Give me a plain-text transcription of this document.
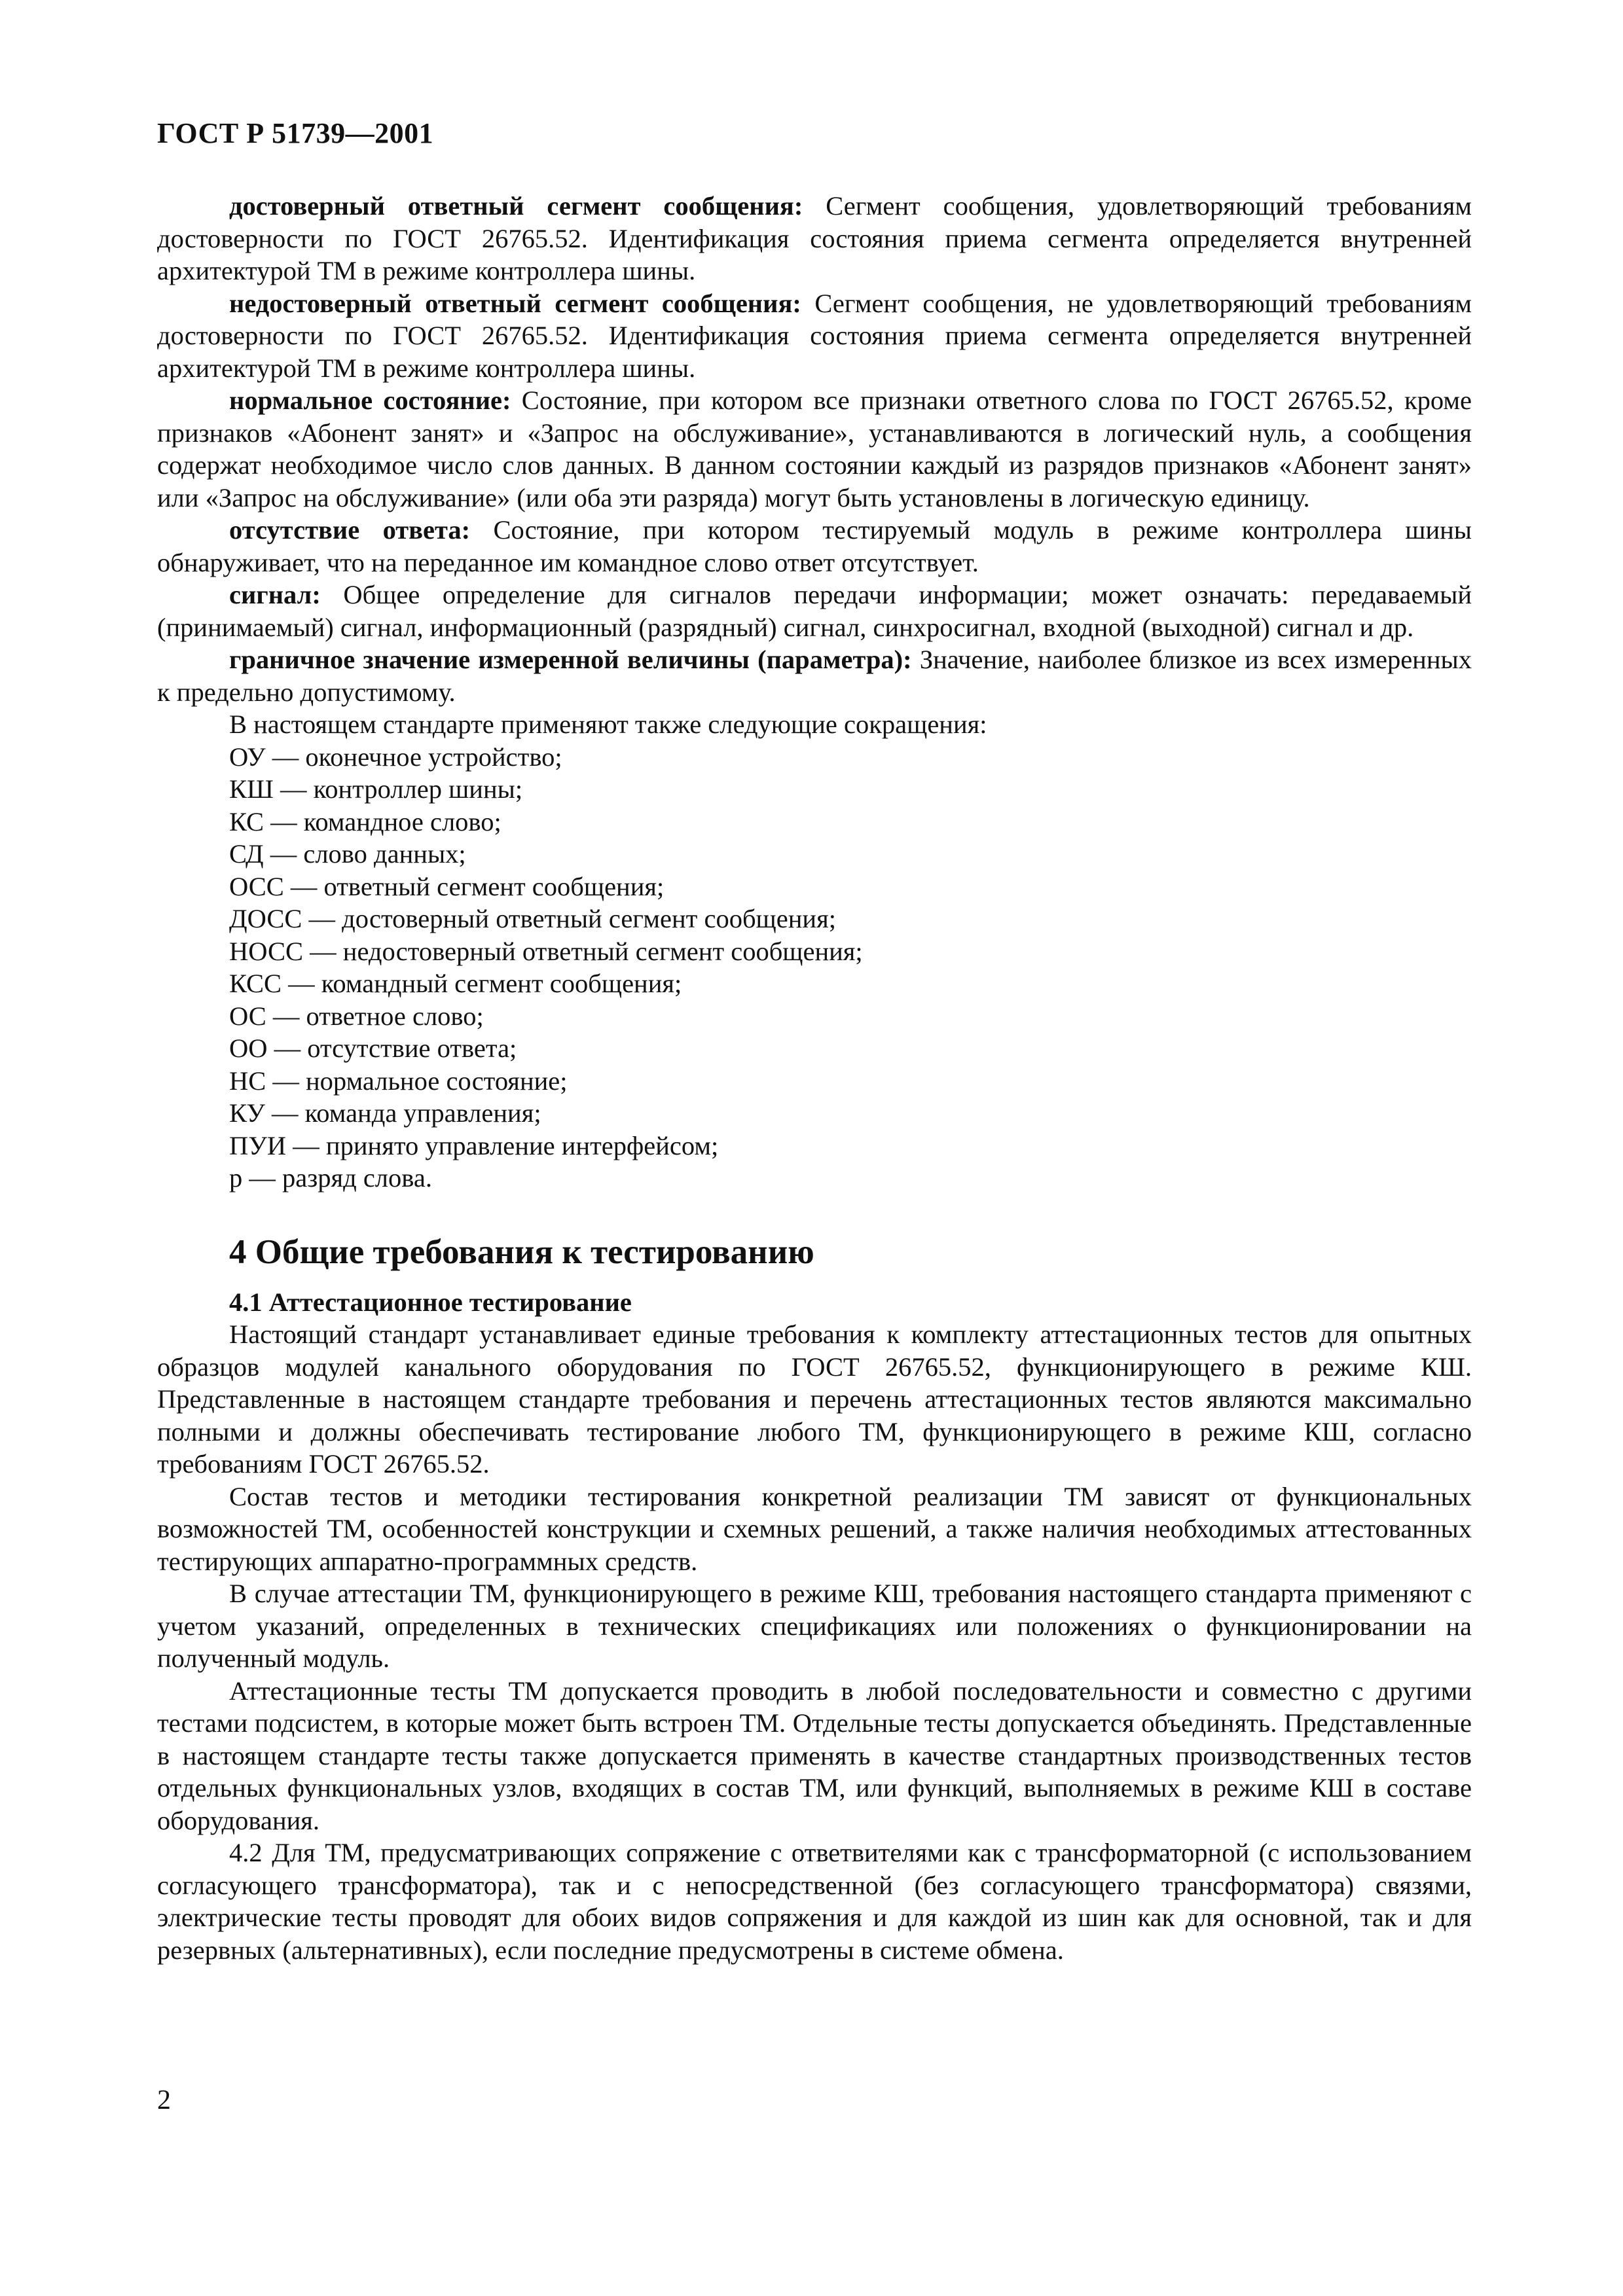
ГОСТ Р 51739—2001

достоверный ответный сегмент сообщения: Сегмент сообщения, удовлетворяющий требованиям достоверности по ГОСТ 26765.52. Идентификация состояния приема сегмента определяется внутренней архитектурой ТМ в режиме контроллера шины.

недостоверный ответный сегмент сообщения: Сегмент сообщения, не удовлетворяющий требованиям достоверности по ГОСТ 26765.52. Идентификация состояния приема сегмента определяется внутренней архитектурой ТМ в режиме контроллера шины.

нормальное состояние: Состояние, при котором все признаки ответного слова по ГОСТ 26765.52, кроме признаков «Абонент занят» и «Запрос на обслуживание», устанавливаются в логический нуль, а сообщения содержат необходимое число слов данных. В данном состоянии каждый из разрядов признаков «Абонент занят» или «Запрос на обслуживание» (или оба эти разряда) могут быть установлены в логическую единицу.

отсутствие ответа: Состояние, при котором тестируемый модуль в режиме контроллера шины обнаруживает, что на переданное им командное слово ответ отсутствует.

сигнал: Общее определение для сигналов передачи информации; может означать: передаваемый (принимаемый) сигнал, информационный (разрядный) сигнал, синхросигнал, входной (выходной) сигнал и др.

граничное значение измеренной величины (параметра): Значение, наиболее близкое из всех измеренных к предельно допустимому.

В настоящем стандарте применяют также следующие сокращения:

ОУ — оконечное устройство;
КШ — контроллер шины;
КС — командное слово;
СД — слово данных;
ОСС — ответный сегмент сообщения;
ДОСС — достоверный ответный сегмент сообщения;
НОСС — недостоверный ответный сегмент сообщения;
КСС — командный сегмент сообщения;
ОС — ответное слово;
ОО — отсутствие ответа;
НС — нормальное состояние;
КУ — команда управления;
ПУИ — принято управление интерфейсом;
р — разряд слова.
4 Общие требования к тестированию
4.1 Аттестационное тестирование

Настоящий стандарт устанавливает единые требования к комплекту аттестационных тестов для опытных образцов модулей канального оборудования по ГОСТ 26765.52, функционирующего в режиме КШ. Представленные в настоящем стандарте требования и перечень аттестационных тестов являются максимально полными и должны обеспечивать тестирование любого ТМ, функционирующего в режиме КШ, согласно требованиям ГОСТ 26765.52.

Состав тестов и методики тестирования конкретной реализации ТМ зависят от функциональных возможностей ТМ, особенностей конструкции и схемных решений, а также наличия необходимых аттестованных тестирующих аппаратно-программных средств.

В случае аттестации ТМ, функционирующего в режиме КШ, требования настоящего стандарта применяют с учетом указаний, определенных в технических спецификациях или положениях о функционировании на полученный модуль.

Аттестационные тесты ТМ допускается проводить в любой последовательности и совместно с другими тестами подсистем, в которые может быть встроен ТМ. Отдельные тесты допускается объединять. Представленные в настоящем стандарте тесты также допускается применять в качестве стандартных производственных тестов отдельных функциональных узлов, входящих в состав ТМ, или функций, выполняемых в режиме КШ в составе оборудования.

4.2 Для ТМ, предусматривающих сопряжение с ответвителями как с трансформаторной (с использованием согласующего трансформатора), так и с непосредственной (без согласующего трансформатора) связями, электрические тесты проводят для обоих видов сопряжения и для каждой из шин как для основной, так и для резервных (альтернативных), если последние предусмотрены в системе обмена.

2
